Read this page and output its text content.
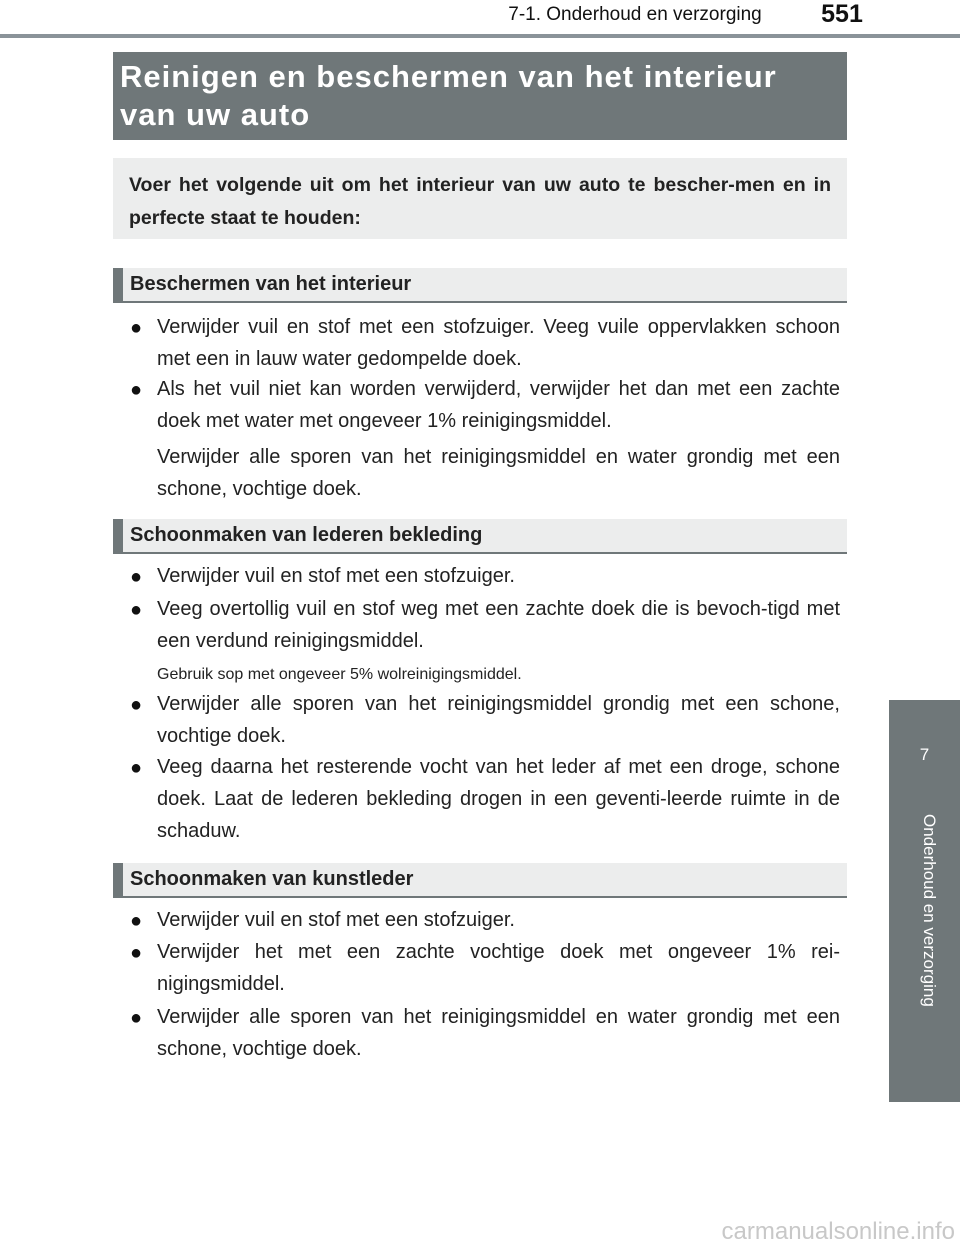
7-1. Onderhoud en verzorging	551
Reinigen en beschermen van het interieur van uw auto
Voer het volgende uit om het interieur van uw auto te bescher-men en in perfecte staat te houden:
Beschermen van het interieur
● Verwijder vuil en stof met een stofzuiger. Veeg vuile oppervlakken schoon met een in lauw water gedompelde doek.
● Als het vuil niet kan worden verwijderd, verwijder het dan met een zachte doek met water met ongeveer 1% reinigingsmiddel.
Verwijder alle sporen van het reinigingsmiddel en water grondig met een schone, vochtige doek.
Schoonmaken van lederen bekleding
● Verwijder vuil en stof met een stofzuiger.
● Veeg overtollig vuil en stof weg met een zachte doek die is bevoch-tigd met een verdund reinigingsmiddel.
Gebruik sop met ongeveer 5% wolreinigingsmiddel.
● Verwijder alle sporen van het reinigingsmiddel grondig met een schone, vochtige doek.
● Veeg daarna het resterende vocht van het leder af met een droge, schone doek. Laat de lederen bekleding drogen in een geventi-leerde ruimte in de schaduw.
Schoonmaken van kunstleder
● Verwijder vuil en stof met een stofzuiger.
● Verwijder het met een zachte vochtige doek met ongeveer 1% rei-nigingsmiddel.
● Verwijder alle sporen van het reinigingsmiddel en water grondig met een schone, vochtige doek.
7
Onderhoud en verzorging
carmanualsonline.info
